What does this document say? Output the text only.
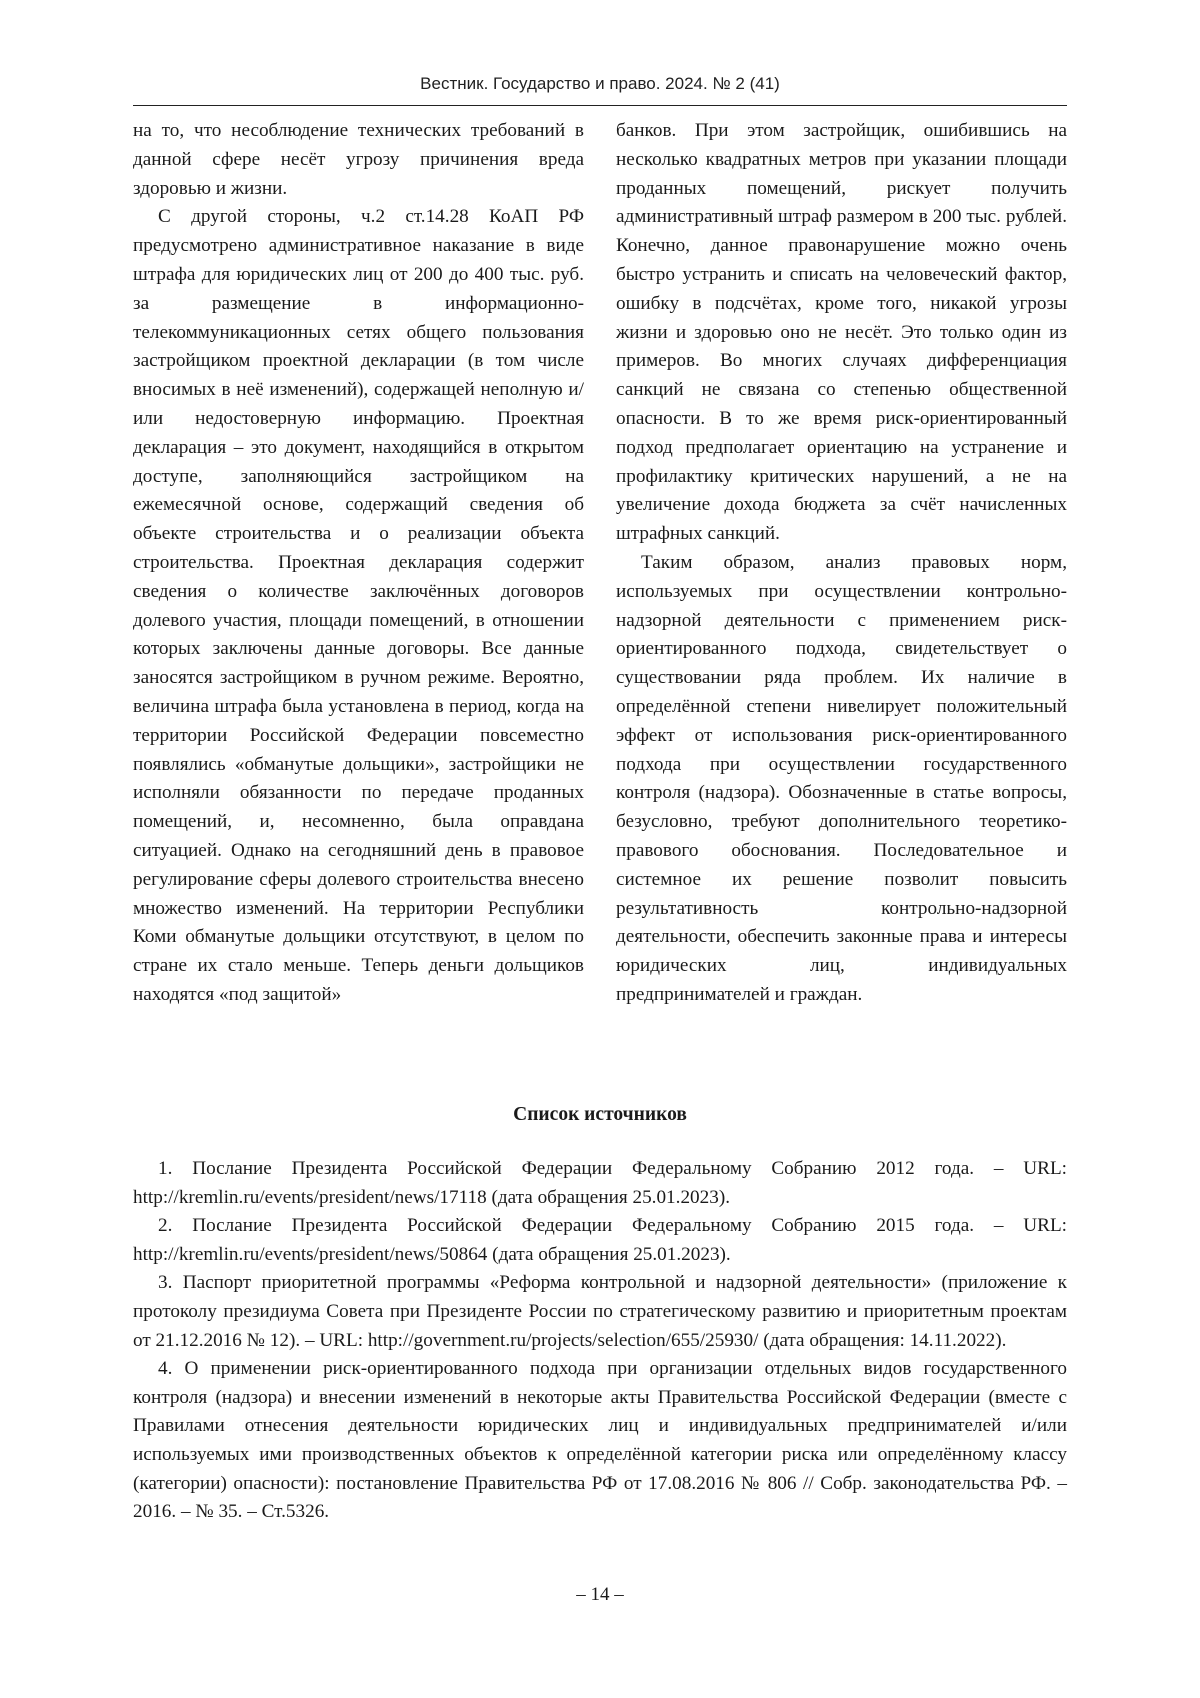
Вестник. Государство и право. 2024. № 2 (41)

на то, что несоблюдение технических требований в данной сфере несёт угрозу причинения вреда здоровью и жизни.

С другой стороны, ч.2 ст.14.28 КоАП РФ предусмотрено административное наказание в виде штрафа для юридических лиц от 200 до 400 тыс. руб. за размещение в информационно-телекоммуникационных сетях общего пользования застройщиком проектной декларации (в том числе вносимых в неё изменений), содержащей неполную и/или недостоверную информацию. Проектная декларация – это документ, находящийся в открытом доступе, заполняющийся застройщиком на ежемесячной основе, содержащий сведения об объекте строительства и о реализации объекта строительства. Проектная декларация содержит сведения о количестве заключённых договоров долевого участия, площади помещений, в отношении которых заключены данные договоры. Все данные заносятся застройщиком в ручном режиме. Вероятно, величина штрафа была установлена в период, когда на территории Российской Федерации повсеместно появлялись «обманутые дольщики», застройщики не исполняли обязанности по передаче проданных помещений, и, несомненно, была оправдана ситуацией. Однако на сегодняшний день в правовое регулирование сферы долевого строительства внесено множество изменений. На территории Республики Коми обманутые дольщики отсутствуют, в целом по стране их стало меньше. Теперь деньги дольщиков находятся «под защитой»

банков. При этом застройщик, ошибившись на несколько квадратных метров при указании площади проданных помещений, рискует получить административный штраф размером в 200 тыс. рублей. Конечно, данное правонарушение можно очень быстро устранить и списать на человеческий фактор, ошибку в подсчётах, кроме того, никакой угрозы жизни и здоровью оно не несёт. Это только один из примеров. Во многих случаях дифференциация санкций не связана со степенью общественной опасности. В то же время риск-ориентированный подход предполагает ориентацию на устранение и профилактику критических нарушений, а не на увеличение дохода бюджета за счёт начисленных штрафных санкций.

Таким образом, анализ правовых норм, используемых при осуществлении контрольно-надзорной деятельности с применением риск-ориентированного подхода, свидетельствует о существовании ряда проблем. Их наличие в определённой степени нивелирует положительный эффект от использования риск-ориентированного подхода при осуществлении государственного контроля (надзора). Обозначенные в статье вопросы, безусловно, требуют дополнительного теоретико-правового обоснования. Последовательное и системное их решение позволит повысить результативность контрольно-надзорной деятельности, обеспечить законные права и интересы юридических лиц, индивидуальных предпринимателей и граждан.

Список источников

1. Послание Президента Российской Федерации Федеральному Собранию 2012 года. – URL: http://kremlin.ru/events/president/news/17118 (дата обращения 25.01.2023).

2. Послание Президента Российской Федерации Федеральному Собранию 2015 года. – URL: http://kremlin.ru/events/president/news/50864 (дата обращения 25.01.2023).

3. Паспорт приоритетной программы «Реформа контрольной и надзорной деятельности» (приложение к протоколу президиума Совета при Президенте России по стратегическому развитию и приоритетным проектам от 21.12.2016 № 12). – URL: http://government.ru/projects/selection/655/25930/ (дата обращения: 14.11.2022).

4. О применении риск-ориентированного подхода при организации отдельных видов государственного контроля (надзора) и внесении изменений в некоторые акты Правительства Российской Федерации (вместе с Правилами отнесения деятельности юридических лиц и индивидуальных предпринимателей и/или используемых ими производственных объектов к определённой категории риска или определённому классу (категории) опасности): постановление Правительства РФ от 17.08.2016 № 806 // Собр. законодательства РФ. – 2016. – № 35. – Ст.5326.

– 14 –
